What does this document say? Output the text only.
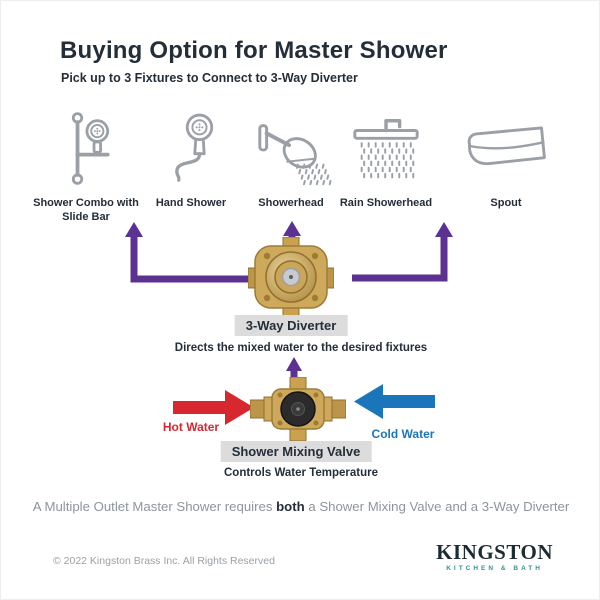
Buying Option for Master Shower
Pick up to 3 Fixtures to Connect to 3-Way Diverter
Shower Combo with Slide Bar
Hand Shower	Showerhead	Rain Showerhead	Spout
3-Way Diverter
Directs the mixed water to the desired fixtures
Hot Water	Cold Water
Shower Mixing Valve
Controls Water Temperature
A Multiple Outlet Master Shower requires both a Shower Mixing Valve and a 3-Way Diverter
© 2022 Kingston Brass Inc. All Rights Reserved	KINGSTON
KITCHEN & BATH
